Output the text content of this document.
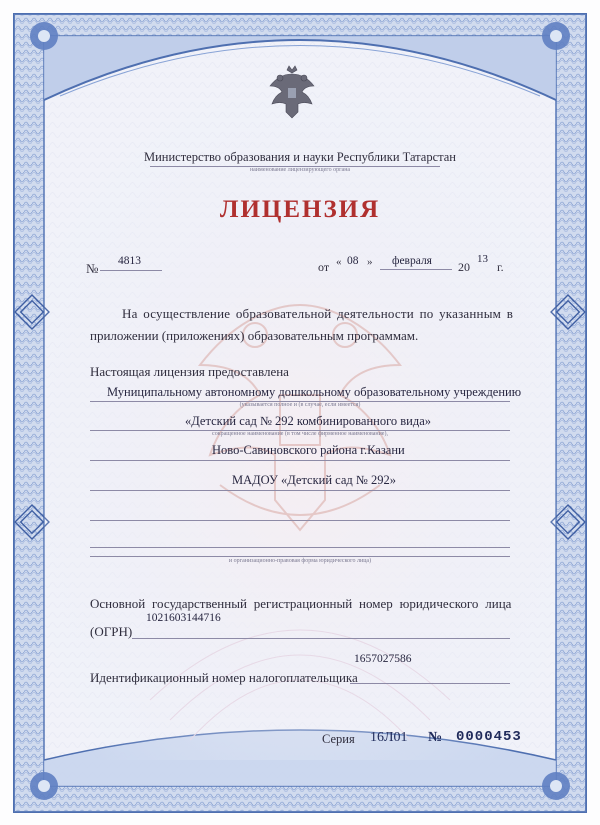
Министерство образования и науки Республики Татарстан
наименование лицензирующего органа
ЛИЦЕНЗИЯ
№ 4813	от « 08 » февраля 20
13
г.
На осуществление образовательной деятельности по указанным в
приложении (приложениях) образовательным программам.
Настоящая лицензия предоставлена
Муниципальному автономному дошкольному образовательному учреждению
(указывается полное и (в случае, если имеется)
«Детский сад № 292 комбинированного вида»
сокращенное наименование (в том числе фирменное наименование),
Ново-Савиновского района г.Казани
МАДОУ «Детский сад № 292»
и организационно-правовая форма юридического лица)
Основной государственный регистрационный номер юридического лица
1021603144716
(ОГРН)
1657027586
Идентификационный номер налогоплательщика
Серия 16Л01 № 0000453
